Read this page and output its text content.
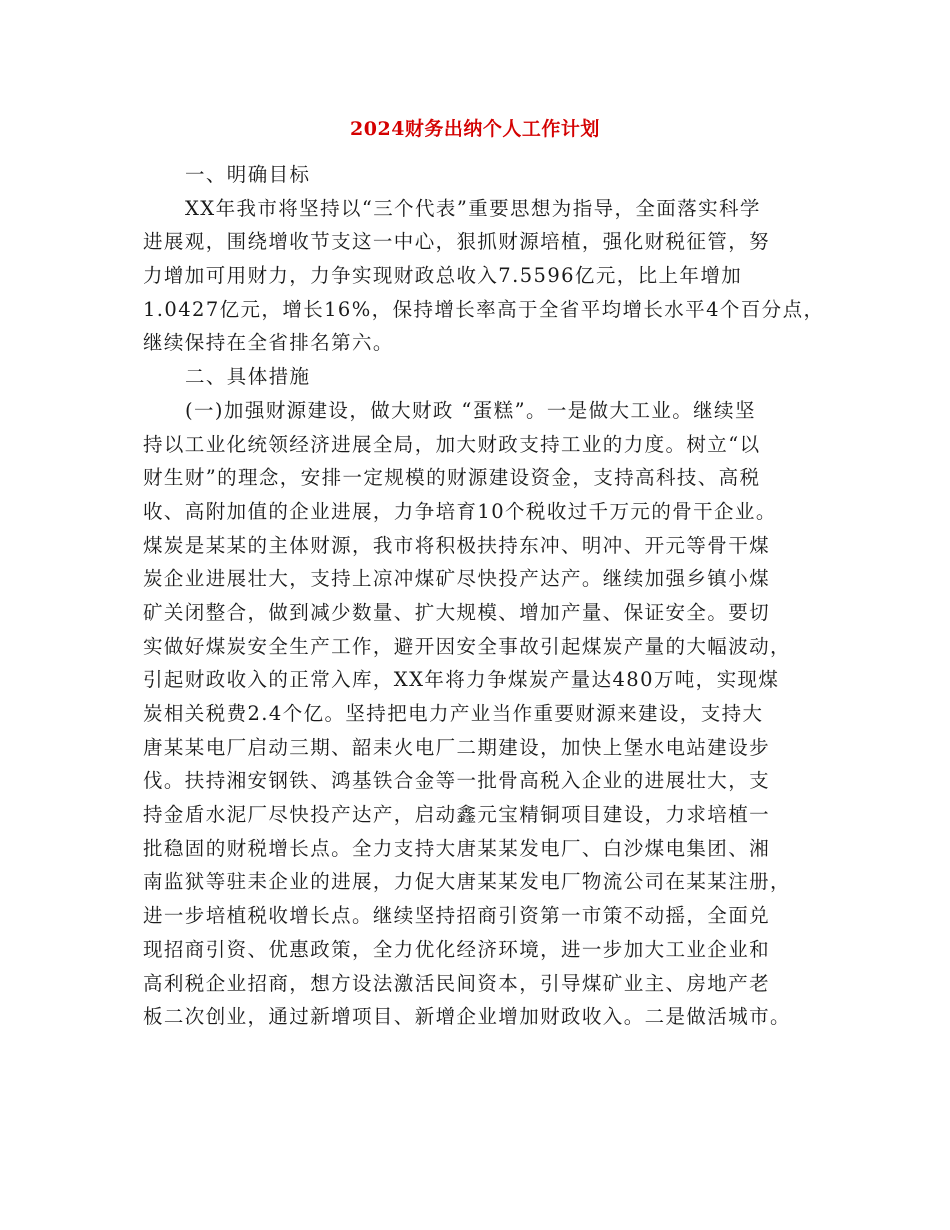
2024财务出纳个人工作计划
一、明确目标
XX年我市将坚持以“三个代表”重要思想为指导，全面落实科学
进展观，围绕增收节支这一中心，狠抓财源培植，强化财税征管，努
力增加可用财力，力争实现财政总收入7.5596亿元，比上年增加
1.0427亿元，增长16%，保持增长率高于全省平均增长水平4个百分点，
继续保持在全省排名第六。
二、具体措施
(一)加强财源建设，做大财政 “蛋糕”。一是做大工业。继续坚
持以工业化统领经济进展全局，加大财政支持工业的力度。树立“以
财生财”的理念，安排一定规模的财源建设资金，支持高科技、高税
收、高附加值的企业进展，力争培育10个税收过千万元的骨干企业。
煤炭是某某的主体财源，我市将积极扶持东冲、明冲、开元等骨干煤
炭企业进展壮大，支持上凉冲煤矿尽快投产达产。继续加强乡镇小煤
矿关闭整合，做到减少数量、扩大规模、增加产量、保证安全。要切
实做好煤炭安全生产工作，避开因安全事故引起煤炭产量的大幅波动，
引起财政收入的正常入库，XX年将力争煤炭产量达480万吨，实现煤
炭相关税费2.4个亿。坚持把电力产业当作重要财源来建设，支持大
唐某某电厂启动三期、韶耒火电厂二期建设，加快上堡水电站建设步
伐。扶持湘安钢铁、鸿基铁合金等一批骨高税入企业的进展壮大，支
持金盾水泥厂尽快投产达产，启动鑫元宝精铜项目建设，力求培植一
批稳固的财税增长点。全力支持大唐某某发电厂、白沙煤电集团、湘
南监狱等驻耒企业的进展，力促大唐某某发电厂物流公司在某某注册，
进一步培植税收增长点。继续坚持招商引资第一市策不动摇，全面兑
现招商引资、优惠政策，全力优化经济环境，进一步加大工业企业和
高利税企业招商，想方设法激活民间资本，引导煤矿业主、房地产老
板二次创业，通过新增项目、新增企业增加财政收入。二是做活城市。
